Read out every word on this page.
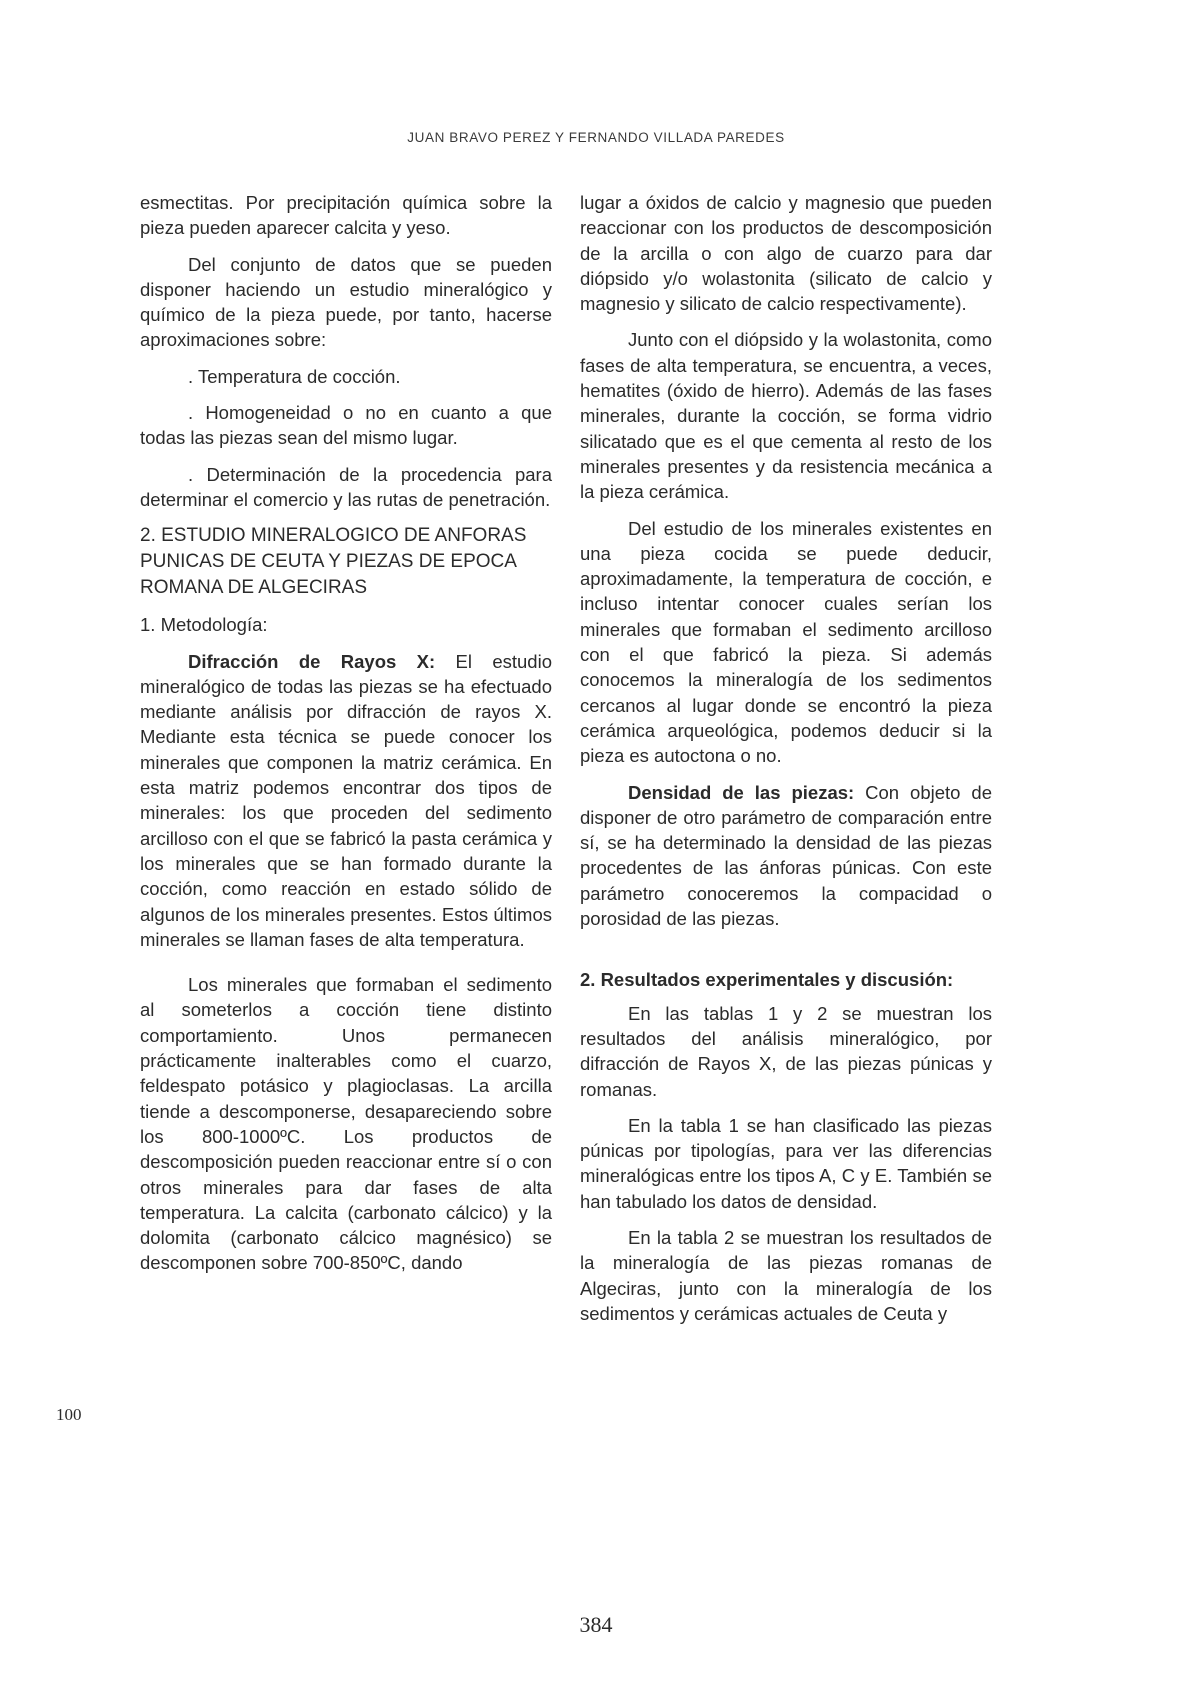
JUAN BRAVO PEREZ Y FERNANDO VILLADA PAREDES

esmectitas. Por precipitación química sobre la pieza pueden aparecer calcita y yeso.

Del conjunto de datos que se pueden disponer haciendo un estudio mineralógico y químico de la pieza puede, por tanto, hacerse aproximaciones sobre:

. Temperatura de cocción.

. Homogeneidad o no en cuanto a que todas las piezas sean del mismo lugar.

. Determinación de la procedencia para determinar el comercio y las rutas de penetración.

2. ESTUDIO MINERALOGICO DE ANFORAS PUNICAS DE CEUTA Y PIEZAS DE EPOCA ROMANA DE ALGECIRAS

1. Metodología:

Difracción de Rayos X: El estudio mineralógico de todas las piezas se ha efectuado mediante análisis por difracción de rayos X. Mediante esta técnica se puede conocer los minerales que componen la matriz cerámica. En esta matriz podemos encontrar dos tipos de minerales: los que proceden del sedimento arcilloso con el que se fabricó la pasta cerámica y los minerales que se han formado durante la cocción, como reacción en estado sólido de algunos de los minerales presentes. Estos últimos minerales se llaman fases de alta temperatura.

Los minerales que formaban el sedimento al someterlos a cocción tiene distinto comportamiento. Unos permanecen prácticamente inalterables como el cuarzo, feldespato potásico y plagioclasas. La arcilla tiende a descomponerse, desapareciendo sobre los 800-1000ºC. Los productos de descomposición pueden reaccionar entre sí o con otros minerales para dar fases de alta temperatura. La calcita (carbonato cálcico) y la dolomita (carbonato cálcico magnésico) se descomponen sobre 700-850ºC, dando

lugar a óxidos de calcio y magnesio que pueden reaccionar con los productos de descomposición de la arcilla o con algo de cuarzo para dar diópsido y/o wolastonita (silicato de calcio y magnesio y silicato de calcio respectivamente).

Junto con el diópsido y la wolastonita, como fases de alta temperatura, se encuentra, a veces, hematites (óxido de hierro). Además de las fases minerales, durante la cocción, se forma vidrio silicatado que es el que cementa al resto de los minerales presentes y da resistencia mecánica a la pieza cerámica.

Del estudio de los minerales existentes en una pieza cocida se puede deducir, aproximadamente, la temperatura de cocción, e incluso intentar conocer cuales serían los minerales que formaban el sedimento arcilloso con el que fabricó la pieza. Si además conocemos la mineralogía de los sedimentos cercanos al lugar donde se encontró la pieza cerámica arqueológica, podemos deducir si la pieza es autoctona o no.

Densidad de las piezas: Con objeto de disponer de otro parámetro de comparación entre sí, se ha determinado la densidad de las piezas procedentes de las ánforas púnicas. Con este parámetro conoceremos la compacidad o porosidad de las piezas.

2. Resultados experimentales y discusión:

En las tablas 1 y 2 se muestran los resultados del análisis mineralógico, por difracción de Rayos X, de las piezas púnicas y romanas.

En la tabla 1 se han clasificado las piezas púnicas por tipologías, para ver las diferencias mineralógicas entre los tipos A, C y E. También se han tabulado los datos de densidad.

En la tabla 2 se muestran los resultados de la mineralogía de las piezas romanas de Algeciras, junto con la mineralogía de los sedimentos y cerámicas actuales de Ceuta y

100
384
